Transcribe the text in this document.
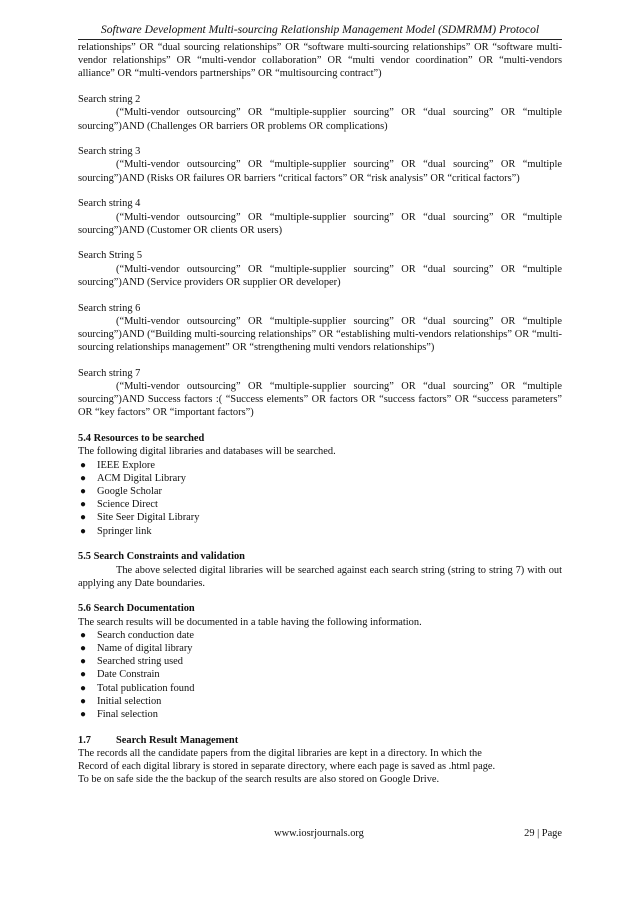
Software Development Multi-sourcing Relationship Management Model (SDMRMM) Protocol

relationships” OR “dual sourcing relationships” OR “software multi-sourcing relationships” OR “software multi-vendor relationships” OR “multi-vendor collaboration” OR “multi vendor coordination” OR “multi-vendors alliance” OR “multi-vendors partnerships” OR “multisourcing contract”)

Search string 2

(“Multi-vendor outsourcing” OR “multiple-supplier sourcing” OR “dual sourcing” OR “multiple sourcing”)AND (Challenges OR barriers OR problems OR complications)

Search string 3

(“Multi-vendor outsourcing” OR “multiple-supplier sourcing” OR “dual sourcing” OR “multiple sourcing”)AND (Risks OR failures OR barriers “critical factors” OR “risk analysis” OR “critical factors”)

Search string 4

(“Multi-vendor outsourcing” OR “multiple-supplier sourcing” OR “dual sourcing” OR “multiple sourcing”)AND (Customer OR clients OR users)

Search String 5

(“Multi-vendor outsourcing” OR “multiple-supplier sourcing” OR “dual sourcing” OR “multiple sourcing”)AND (Service providers OR supplier OR developer)

Search string 6

(“Multi-vendor outsourcing” OR “multiple-supplier sourcing” OR “dual sourcing” OR “multiple sourcing”)AND (“Building multi-sourcing relationships” OR “establishing multi-vendors relationships” OR “multi-sourcing relationships management” OR “strengthening multi vendors relationships”)

Search string 7

(“Multi-vendor outsourcing” OR “multiple-supplier sourcing” OR “dual sourcing” OR “multiple sourcing”)AND Success factors :( “Success elements” OR factors OR “success factors” OR “success parameters” OR “key factors” OR “important factors”)

5.4 Resources to be searched

The following digital libraries and databases will be searched.

● IEEE Explore
● ACM Digital Library
● Google Scholar
● Science Direct
● Site Seer Digital Library
● Springer link

5.5 Search Constraints and validation

The above selected digital libraries will be searched against each search string (string to string 7) with out applying any Date boundaries.

5.6 Search Documentation

The search results will be documented in a table having the following information.

● Search conduction date
● Name of digital library
● Searched string used
● Date Constrain
● Total publication found
● Initial selection
● Final selection

1.7 Search Result Management

The records all the candidate papers from the digital libraries are kept in a directory. In which the

Record of each digital library is stored in separate directory, where each page is saved as .html page.

To be on safe side the the backup of the search results are also stored on Google Drive.

www.iosrjournals.org	29 | Page
